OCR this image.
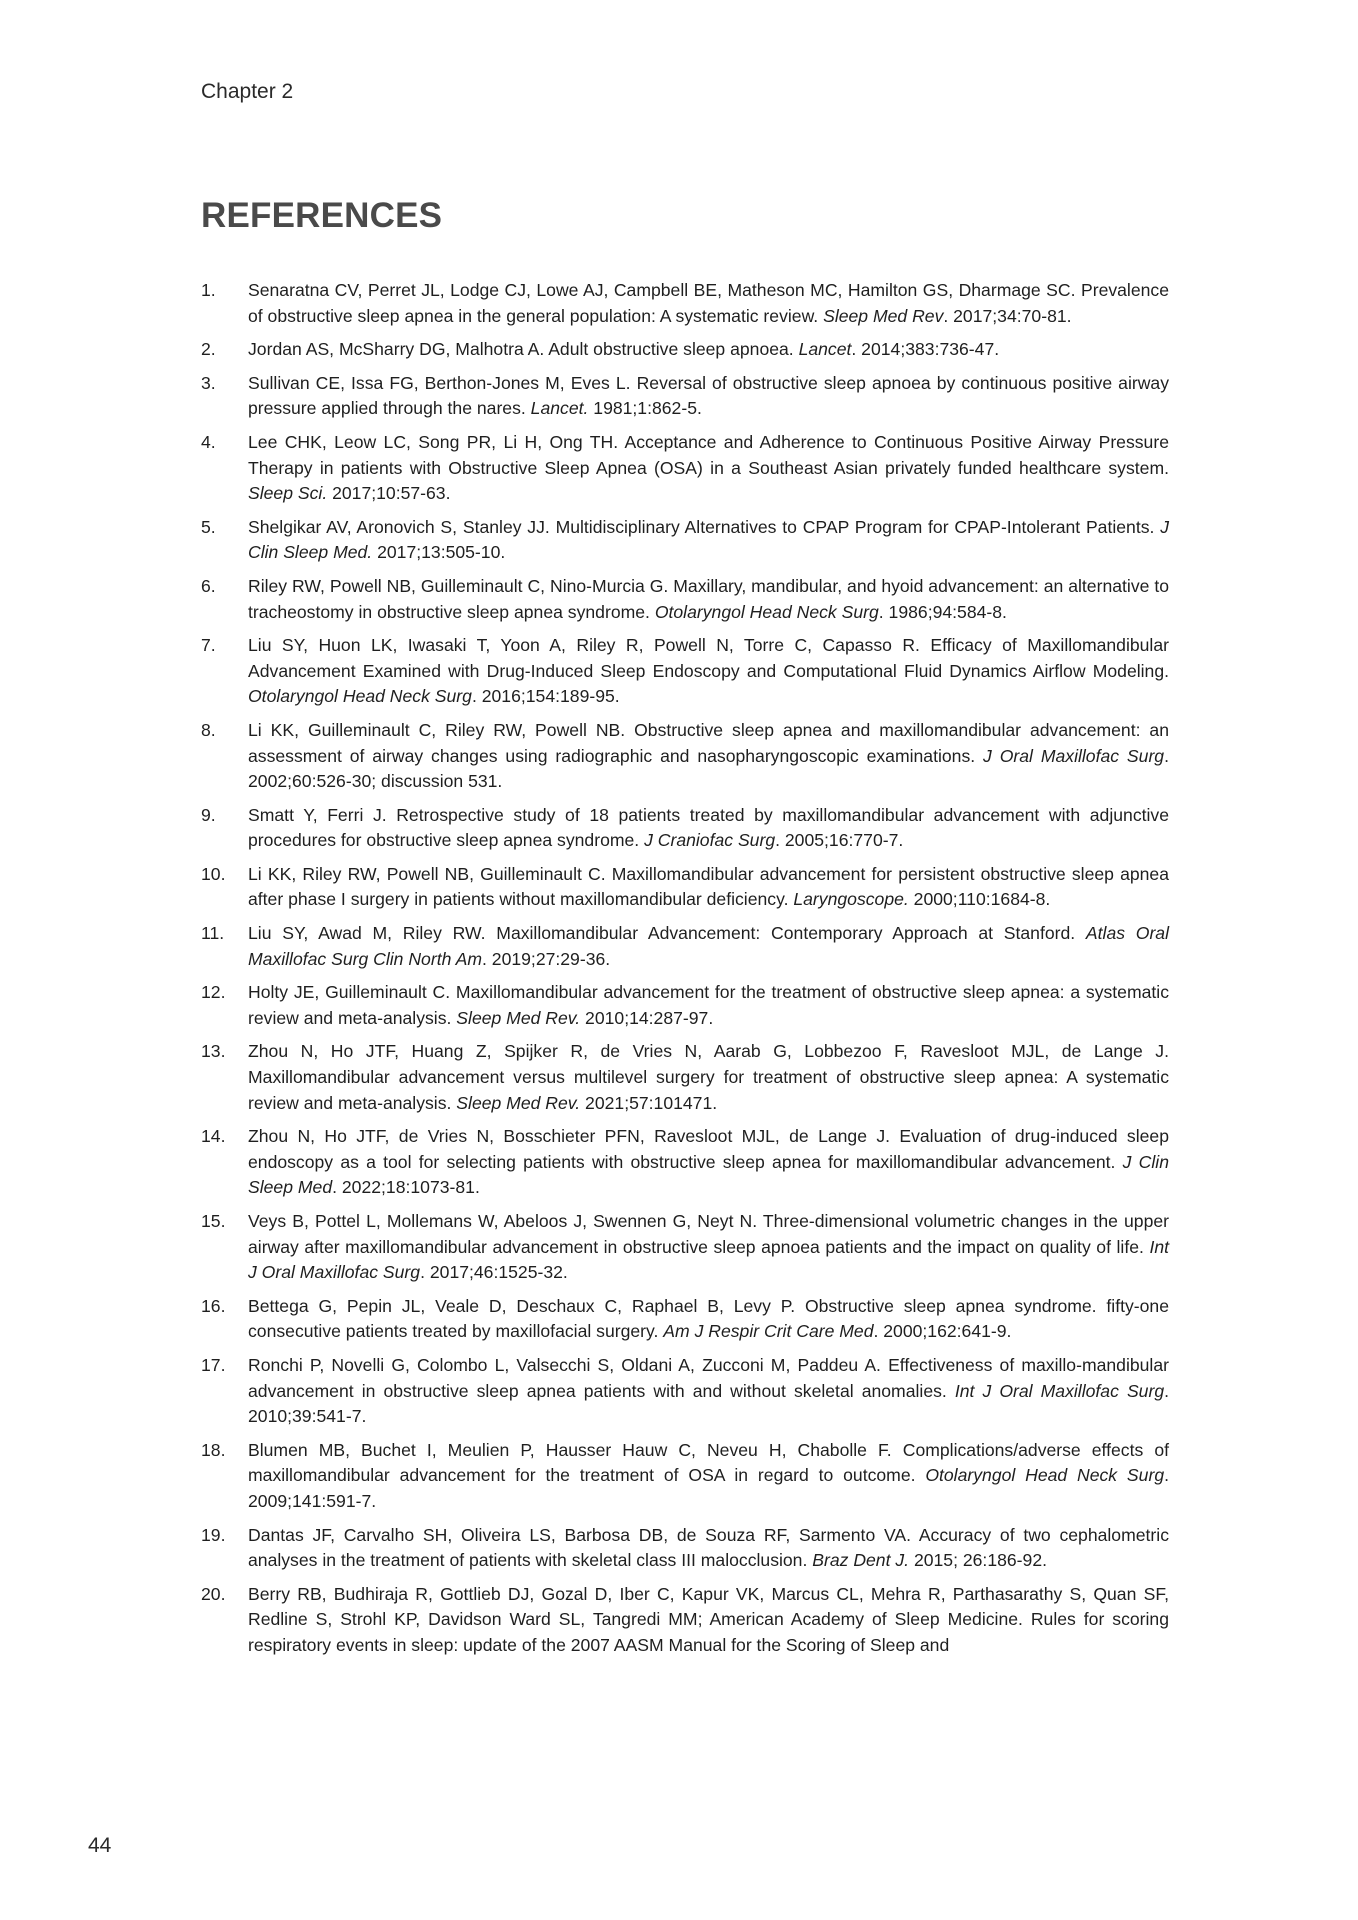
Chapter 2
REFERENCES
1.	Senaratna CV, Perret JL, Lodge CJ, Lowe AJ, Campbell BE, Matheson MC, Hamilton GS, Dharmage SC. Prevalence of obstructive sleep apnea in the general population: A systematic review. Sleep Med Rev. 2017;34:70-81.
2.	Jordan AS, McSharry DG, Malhotra A. Adult obstructive sleep apnoea. Lancet. 2014;383:736-47.
3.	Sullivan CE, Issa FG, Berthon-Jones M, Eves L. Reversal of obstructive sleep apnoea by continuous positive airway pressure applied through the nares. Lancet. 1981;1:862-5.
4.	Lee CHK, Leow LC, Song PR, Li H, Ong TH. Acceptance and Adherence to Continuous Positive Airway Pressure Therapy in patients with Obstructive Sleep Apnea (OSA) in a Southeast Asian privately funded healthcare system. Sleep Sci. 2017;10:57-63.
5.	Shelgikar AV, Aronovich S, Stanley JJ. Multidisciplinary Alternatives to CPAP Program for CPAP-Intolerant Patients. J Clin Sleep Med. 2017;13:505-10.
6.	Riley RW, Powell NB, Guilleminault C, Nino-Murcia G. Maxillary, mandibular, and hyoid advancement: an alternative to tracheostomy in obstructive sleep apnea syndrome. Otolaryngol Head Neck Surg. 1986;94:584-8.
7.	Liu SY, Huon LK, Iwasaki T, Yoon A, Riley R, Powell N, Torre C, Capasso R. Efficacy of Maxillomandibular Advancement Examined with Drug-Induced Sleep Endoscopy and Computational Fluid Dynamics Airflow Modeling. Otolaryngol Head Neck Surg. 2016;154:189-95.
8.	Li KK, Guilleminault C, Riley RW, Powell NB. Obstructive sleep apnea and maxillomandibular advancement: an assessment of airway changes using radiographic and nasopharyngoscopic examinations. J Oral Maxillofac Surg. 2002;60:526-30; discussion 531.
9.	Smatt Y, Ferri J. Retrospective study of 18 patients treated by maxillomandibular advancement with adjunctive procedures for obstructive sleep apnea syndrome. J Craniofac Surg. 2005;16:770-7.
10.	Li KK, Riley RW, Powell NB, Guilleminault C. Maxillomandibular advancement for persistent obstructive sleep apnea after phase I surgery in patients without maxillomandibular deficiency. Laryngoscope. 2000;110:1684-8.
11.	Liu SY, Awad M, Riley RW. Maxillomandibular Advancement: Contemporary Approach at Stanford. Atlas Oral Maxillofac Surg Clin North Am. 2019;27:29-36.
12.	Holty JE, Guilleminault C. Maxillomandibular advancement for the treatment of obstructive sleep apnea: a systematic review and meta-analysis. Sleep Med Rev. 2010;14:287-97.
13.	Zhou N, Ho JTF, Huang Z, Spijker R, de Vries N, Aarab G, Lobbezoo F, Ravesloot MJL, de Lange J. Maxillomandibular advancement versus multilevel surgery for treatment of obstructive sleep apnea: A systematic review and meta-analysis. Sleep Med Rev. 2021;57:101471.
14.	Zhou N, Ho JTF, de Vries N, Bosschieter PFN, Ravesloot MJL, de Lange J. Evaluation of drug-induced sleep endoscopy as a tool for selecting patients with obstructive sleep apnea for maxillomandibular advancement. J Clin Sleep Med. 2022;18:1073-81.
15.	Veys B, Pottel L, Mollemans W, Abeloos J, Swennen G, Neyt N. Three-dimensional volumetric changes in the upper airway after maxillomandibular advancement in obstructive sleep apnoea patients and the impact on quality of life. Int J Oral Maxillofac Surg. 2017;46:1525-32.
16.	Bettega G, Pepin JL, Veale D, Deschaux C, Raphael B, Levy P. Obstructive sleep apnea syndrome. fifty-one consecutive patients treated by maxillofacial surgery. Am J Respir Crit Care Med. 2000;162:641-9.
17.	Ronchi P, Novelli G, Colombo L, Valsecchi S, Oldani A, Zucconi M, Paddeu A. Effectiveness of maxillo-mandibular advancement in obstructive sleep apnea patients with and without skeletal anomalies. Int J Oral Maxillofac Surg. 2010;39:541-7.
18.	Blumen MB, Buchet I, Meulien P, Hausser Hauw C, Neveu H, Chabolle F. Complications/adverse effects of maxillomandibular advancement for the treatment of OSA in regard to outcome. Otolaryngol Head Neck Surg. 2009;141:591-7.
19.	Dantas JF, Carvalho SH, Oliveira LS, Barbosa DB, de Souza RF, Sarmento VA. Accuracy of two cephalometric analyses in the treatment of patients with skeletal class III malocclusion. Braz Dent J. 2015; 26:186-92.
20.	Berry RB, Budhiraja R, Gottlieb DJ, Gozal D, Iber C, Kapur VK, Marcus CL, Mehra R, Parthasarathy S, Quan SF, Redline S, Strohl KP, Davidson Ward SL, Tangredi MM; American Academy of Sleep Medicine. Rules for scoring respiratory events in sleep: update of the 2007 AASM Manual for the Scoring of Sleep and
44
